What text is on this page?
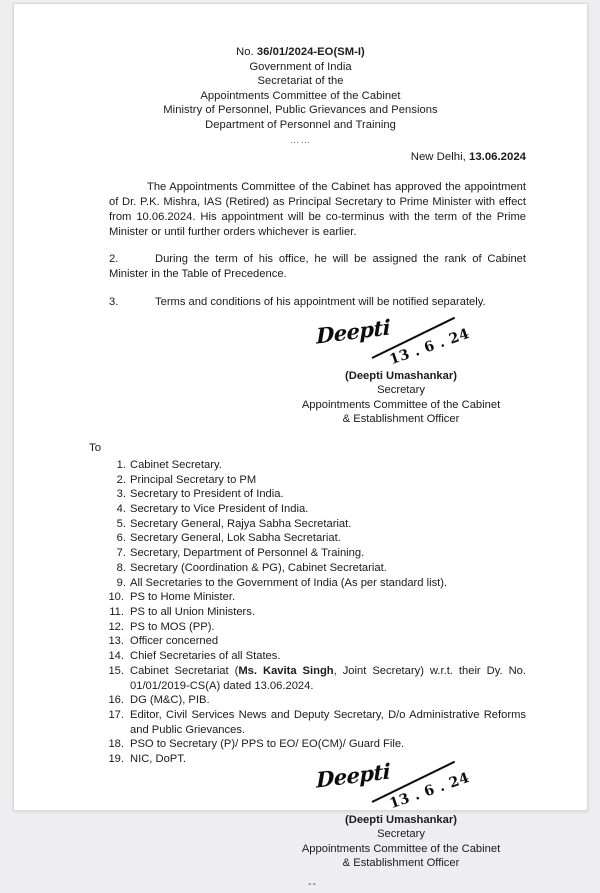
No. 36/01/2024-EO(SM-I)
Government of India
Secretariat of the
Appointments Committee of the Cabinet
Ministry of Personnel, Public Grievances and Pensions
Department of Personnel and Training
……
New Delhi, 13.06.2024

The Appointments Committee of the Cabinet has approved the appointment of Dr. P.K. Mishra, IAS (Retired) as Principal Secretary to Prime Minister with effect from 10.06.2024. His appointment will be co-terminus with the term of the Prime Minister or until further orders whichever is earlier.

2.	During the term of his office, he will be assigned the rank of Cabinet Minister in the Table of Precedence.

3.	Terms and conditions of his appointment will be notified separately.

Deepti
13 . 6 . 24
(Deepti Umashankar)
Secretary
Appointments Committee of the Cabinet
& Establishment Officer
To
Cabinet Secretary.
Principal Secretary to PM
Secretary to President of India.
Secretary to Vice President of India.
Secretary General, Rajya Sabha Secretariat.
Secretary General, Lok Sabha Secretariat.
Secretary, Department of Personnel & Training.
Secretary (Coordination & PG), Cabinet Secretariat.
All Secretaries to the Government of India (As per standard list).
PS to Home Minister.
PS to all Union Ministers.
PS to MOS (PP).
Officer concerned
Chief Secretaries of all States.
Cabinet Secretariat (Ms. Kavita Singh, Joint Secretary) w.r.t. their Dy. No. 01/01/2019-CS(A) dated 13.06.2024.
DG (M&C), PIB.
Editor, Civil Services News and Deputy Secretary, D/o Administrative Reforms and Public Grievances.
PSO to Secretary (P)/ PPS to EO/ EO(CM)/ Guard File.
NIC, DoPT.	Deepti
13 . 6 . 24
(Deepti Umashankar)
Secretary
Appointments Committee of the Cabinet
& Establishment Officer
--
